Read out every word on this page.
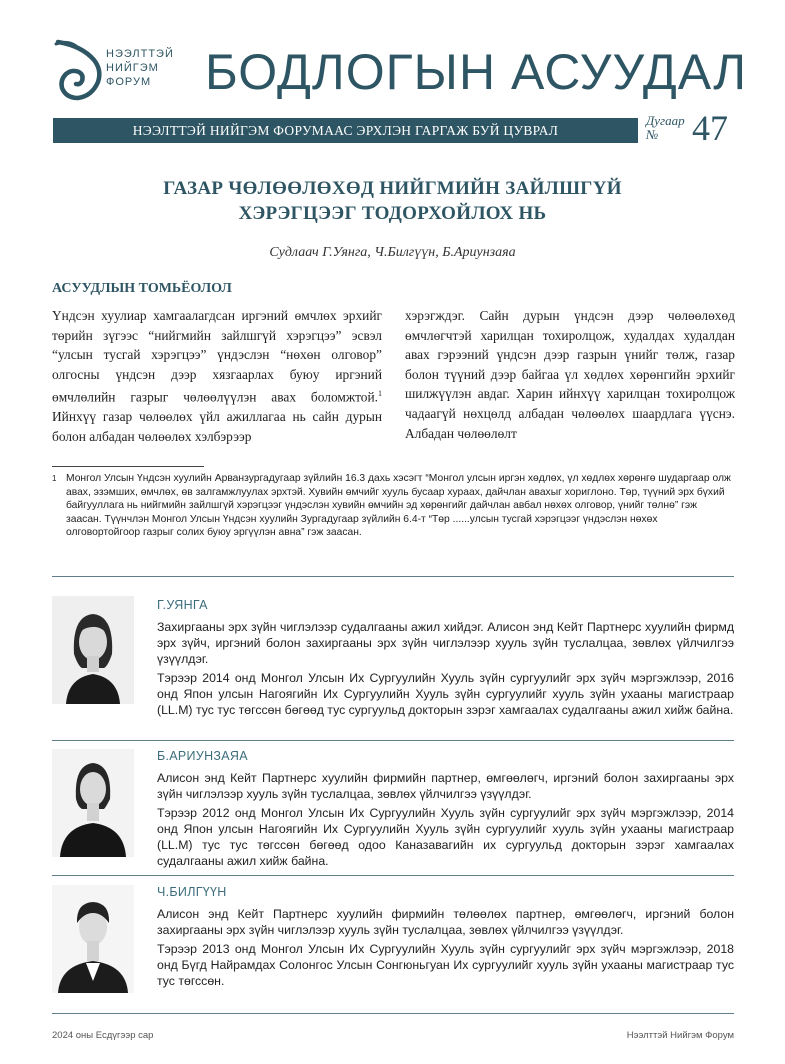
НЭЭЛТТЭЙ
НИЙГЭМ
ФОРУМ	БОДЛОГЫН АСУУДАЛ
НЭЭЛТТЭЙ НИЙГЭМ ФОРУМААС ЭРХЛЭН ГАРГАЖ БУЙ ЦУВРАЛ
Дугаар
№ 47
ГАЗАР ЧӨЛӨӨЛӨХӨД НИЙГМИЙН ЗАЙЛШГҮЙ
ХЭРЭГЦЭЭГ ТОДОРХОЙЛОХ НЬ
Судлаач Г.Уянга, Ч.Билгүүн, Б.Ариунзаяа
АСУУДЛЫН ТОМЬЁОЛОЛ

Үндсэн хуулиар хамгаалагдсан иргэний өмчлөх эрхийг төрийн зүгээс “нийгмийн зайлшгүй хэрэгцээ” эсвэл “улсын тусгай хэрэгцээ” үндэслэн “нөхөн олговор” олгосны үндсэн дээр хязгаарлах буюу иргэний өмчлөлийн газрыг чөлөөлүүлэн авах боломжтой.$^1$ Ийнхүү газар чөлөөлөх үйл ажиллагаа нь сайн дурын болон албадан чөлөөлөх хэлбэрээр

хэрэгждэг. Сайн дурын үндсэн дээр чөлөөлөхөд өмчлөгчтэй харилцан тохиролцож, худалдах худалдан авах гэрээний үндсэн дээр газрын үнийг төлж, газар болон түүний дээр байгаа үл хөдлөх хөрөнгийн эрхийг шилжүүлэн авдаг. Харин ийнхүү харилцан тохиролцож чадаагүй нөхцөлд албадан чөлөөлөх шаардлага үүснэ. Албадан чөлөөлөлт

1 Монгол Улсын Үндсэн хуулийн Арванзургадугаар зүйлийн 16.3 дахь хэсэгт “Монгол улсын иргэн хөдлөх, үл хөдлөх хөрөнгө шударгаар олж авах, эзэмших, өмчлөх, өв залгамжлуулах эрхтэй. Хувийн өмчийг хууль бусаар хураах, дайчлан авахыг хориглоно. Төр, түүний эрх бүхий байгууллага нь нийгмийн зайлшгүй хэрэгцээг үндэслэн хувийн өмчийн эд хөрөнгийг дайчлан авбал нөхөх олговор, үнийг төлнө” гэж заасан. Түүнчлэн Монгол Улсын Үндсэн хуулийн Зургадугаар зүйлийн 6.4-т “Төр ......улсын тусгай хэрэгцээг үндэслэн нөхөх олговортойгоор газрыг солих буюу эргүүлэн авна” гэж заасан.
Г.УЯНГА

Захиргааны эрх зүйн чиглэлээр судалгааны ажил хийдэг. Алисон энд Кейт Партнерс хуулийн фирмд эрх зүйч, иргэний болон захиргааны эрх зүйн чиглэлээр хууль зүйн туслалцаа, зөвлөх үйлчилгээ үзүүлдэг.

Тэрээр 2014 онд Монгол Улсын Их Сургуулийн Хууль зүйн сургуулийг эрх зүйч мэргэжлээр, 2016 онд Япон улсын Нагоягийн Их Сургуулийн Хууль зүйн сургуулийг хууль зүйн ухааны магистраар (LL.M) тус тус төгссөн бөгөөд тус сургуульд докторын зэрэг хамгаалах судалгааны ажил хийж байна.

Б.АРИУНЗАЯА

Алисон энд Кейт Партнерс хуулийн фирмийн партнер, өмгөөлөгч, иргэний болон захиргааны эрх зүйн чиглэлээр хууль зүйн туслалцаа, зөвлөх үйлчилгээ үзүүлдэг.

Тэрээр 2012 онд Монгол Улсын Их Сургуулийн Хууль зүйн сургуулийг эрх зүйч мэргэжлээр, 2014 онд Япон улсын Нагоягийн Их Сургуулийн Хууль зүйн сургуулийг хууль зүйн ухааны магистраар (LL.M) тус тус төгссөн бөгөөд одоо Каназавагийн их сургуульд докторын зэрэг хамгаалах судалгааны ажил хийж байна.

Ч.БИЛГҮҮН

Алисон энд Кейт Партнерс хуулийн фирмийн төлөөлөх партнер, өмгөөлөгч, иргэний болон захиргааны эрх зүйн чиглэлээр хууль зүйн туслалцаа, зөвлөх үйлчилгээ үзүүлдэг.

Тэрээр 2013 онд Монгол Улсын Их Сургуулийн Хууль зүйн сургуулийг эрх зүйч мэргэжлээр, 2018 онд Бүгд Найрамдах Солонгос Улсын Сонгюньгуан Их сургуулийг хууль зүйн ухааны магистраар тус тус төгссөн.

2024 оны Есдүгээр сар	Нээлттэй Нийгэм Форум
